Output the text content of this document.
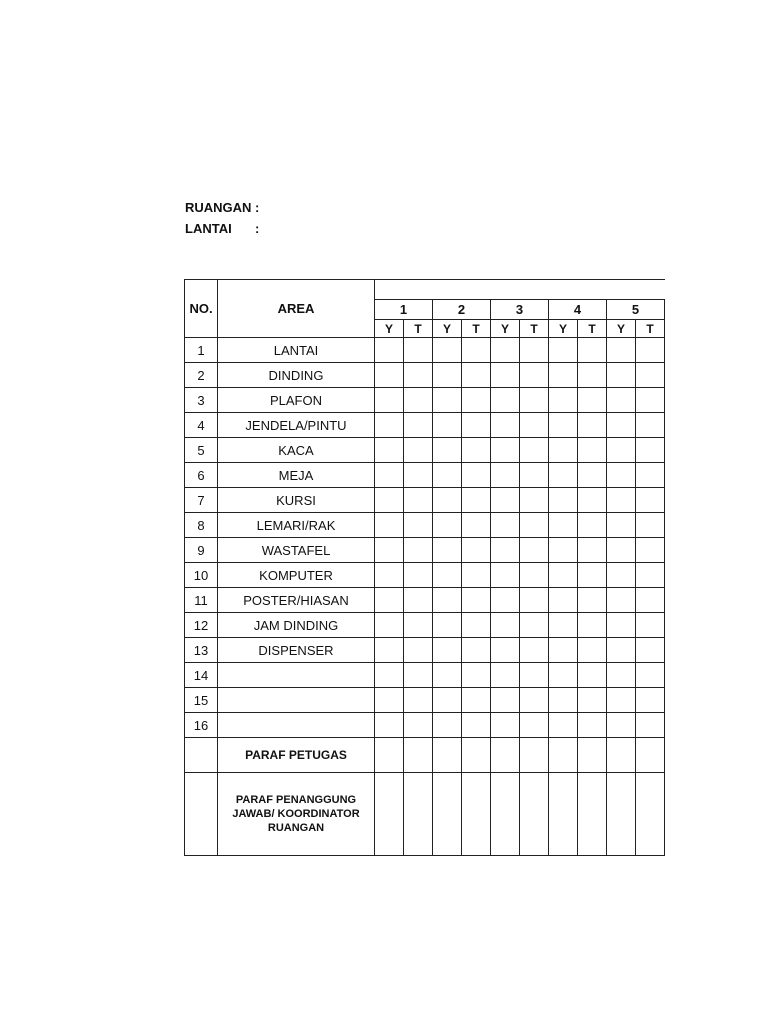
RUANGAN :
LANTAI	:
NO.	AREA										
		1		2		3		4		5	
		Y	T	Y	T	Y	T	Y	T	Y	T
1	LANTAI										
2	DINDING										
3	PLAFON										
4	JENDELA/PINTU										
5	KACA										
6	MEJA										
7	KURSI										
8	LEMARI/RAK										
9	WASTAFEL										
10	KOMPUTER										
11	POSTER/HIASAN										
12	JAM DINDING										
13	DISPENSER										
14											
15											
16											
	PARAF PETUGAS										
	PARAF PENANGGUNG JAWAB/ KOORDINATOR RUANGAN										
